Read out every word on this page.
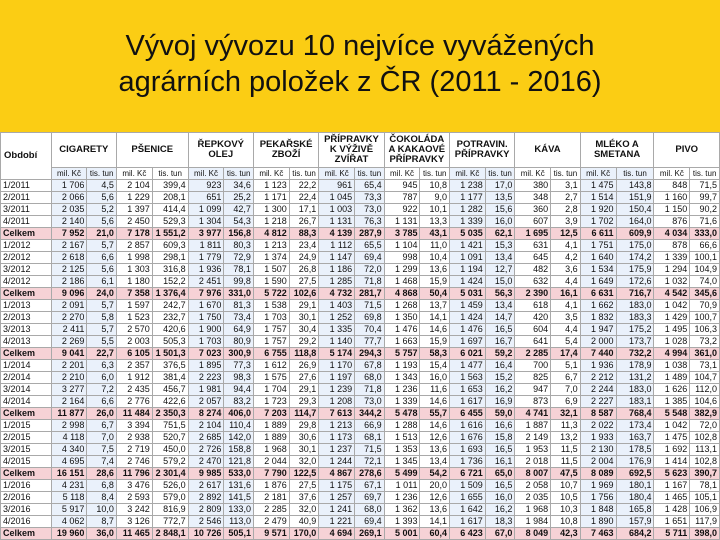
Vývoj vývozu 10 nejvíce vyvážených
agrárních položek z ČR (2011 - 2016)
Období	CIGARETY		PŠENICE		ŘEPKOVÝ OLEJ		PEKAŘSKÉ ZBOŽÍ		PŘÍPRAVKY K VÝŽIVĚ ZVÍŘAT		ČOKOLÁDA A KAKAOVÉ PŘÍPRAVKY		POTRAVIN. PŘÍPRAVKY		KÁVA		MLÉKO A SMETANA		PIVO	
	mil. Kč	tis. tun	mil. Kč	tis. tun	mil. Kč	tis. tun	mil. Kč	tis. tun	mil. Kč	tis. tun	mil. Kč	tis. tun	mil. Kč	tis. tun	mil. Kč	tis. tun	mil. Kč	tis. tun	mil. Kč	tis. tun
1/2011	1 706	4,5	2 104	399,4	923	34,6	1 123	22,2	961	65,4	945	10,8	1 238	17,0	380	3,1	1 475	143,8	848	71,5
2/2011	2 066	5,6	1 229	208,1	651	25,2	1 171	22,4	1 045	73,3	787	9,0	1 177	13,5	348	2,7	1 514	151,9	1 160	99,7
3/2011	2 035	5,2	1 397	414,4	1 099	42,7	1 300	17,1	1 003	73,0	922	10,1	1 282	15,6	360	2,8	1 920	150,4	1 150	90,2
4/2011	2 140	5,6	2 450	529,3	1 304	54,3	1 218	26,7	1 131	76,3	1 131	13,3	1 339	16,0	607	3,9	1 702	164,0	876	71,6
Celkem	7 952	21,0	7 178	1 551,2	3 977	156,8	4 812	88,3	4 139	287,9	3 785	43,1	5 035	62,1	1 695	12,5	6 611	609,9	4 034	333,0
1/2012	2 167	5,7	2 857	609,3	1 811	80,3	1 213	23,4	1 112	65,5	1 104	11,0	1 421	15,3	631	4,1	1 751	175,0	878	66,6
2/2012	2 618	6,6	1 998	298,1	1 779	72,9	1 374	24,9	1 147	69,4	998	10,4	1 091	13,4	645	4,2	1 640	174,2	1 339	100,1
3/2012	2 125	5,6	1 303	316,8	1 936	78,1	1 507	26,8	1 186	72,0	1 299	13,6	1 194	12,7	482	3,6	1 534	175,9	1 294	104,9
4/2012	2 186	6,1	1 180	152,2	2 451	99,8	1 590	27,5	1 285	71,8	1 468	15,9	1 424	15,0	632	4,4	1 649	172,6	1 032	74,0
Celkem	9 096	24,0	7 358	1 376,4	7 976	331,0	5 722	102,6	4 732	281,7	4 868	50,4	5 031	56,3	2 390	16,1	6 631	716,7	4 542	345,6
1/2013	2 091	5,7	1 597	242,7	1 670	81,3	1 538	29,1	1 403	71,5	1 268	13,7	1 459	13,4	618	4,1	1 662	183,0	1 042	70,9
2/2013	2 270	5,8	1 523	232,7	1 750	73,4	1 703	30,1	1 252	69,8	1 350	14,1	1 424	14,7	420	3,5	1 832	183,3	1 429	100,7
3/2013	2 411	5,7	2 570	420,6	1 900	64,9	1 757	30,4	1 335	70,4	1 476	14,6	1 476	16,5	604	4,4	1 947	175,2	1 495	106,3
4/2013	2 269	5,5	2 003	505,3	1 703	80,9	1 757	29,2	1 140	77,7	1 663	15,9	1 697	16,7	641	5,4	2 000	173,7	1 028	73,2
Celkem	9 041	22,7	6 105	1 501,3	7 023	300,9	6 755	118,8	5 174	294,3	5 757	58,3	6 021	59,2	2 285	17,4	7 440	732,2	4 994	361,0
1/2014	2 201	6,3	2 357	376,5	1 895	77,3	1 612	26,9	1 170	67,8	1 193	15,4	1 477	16,4	700	5,1	1 936	178,9	1 038	73,1
2/2014	2 210	6,0	1 912	381,4	2 223	98,3	1 575	27,6	1 197	68,0	1 343	16,0	1 563	15,2	825	6,7	2 212	131,2	1 489	104,7
3/2014	3 277	7,2	2 435	456,7	1 981	94,4	1 704	29,1	1 239	71,8	1 236	11,6	1 653	16,2	947	7,0	2 244	183,0	1 626	112,0
4/2014	2 164	6,6	2 776	422,6	2 057	83,2	1 723	29,3	1 208	73,0	1 339	14,6	1 617	16,9	873	6,9	2 227	183,1	1 385	104,6
Celkem	11 877	26,0	11 484	2 350,3	8 274	406,0	7 203	114,7	7 613	344,2	5 478	55,7	6 455	59,0	4 741	32,1	8 587	768,4	5 548	382,9
1/2015	2 998	6,7	3 394	751,5	2 104	110,4	1 889	29,8	1 213	66,9	1 288	14,6	1 616	16,6	1 887	11,3	2 022	173,4	1 042	72,0
2/2015	4 118	7,0	2 938	520,7	2 685	142,0	1 889	30,6	1 173	68,1	1 513	12,6	1 676	15,8	2 149	13,2	1 933	163,7	1 475	102,8
3/2015	4 340	7,5	2 719	450,0	2 726	158,8	1 968	30,1	1 237	71,5	1 353	13,6	1 693	16,5	1 953	11,5	2 130	178,5	1 692	113,1
4/2015	4 695	7,4	2 746	579,2	2 470	121,8	2 044	32,0	1 244	72,1	1 345	13,4	1 736	16,1	2 018	11,5	2 004	176,9	1 414	102,8
Celkem	16 151	28,6	11 796	2 301,4	9 985	533,0	7 790	122,5	4 867	278,6	5 499	54,2	6 721	65,0	8 007	47,5	8 089	692,5	5 623	390,7
1/2016	4 231	6,8	3 476	526,0	2 617	131,6	1 876	27,5	1 175	67,1	1 011	20,0	1 509	16,5	2 058	10,7	1 969	180,1	1 167	78,1
2/2016	5 118	8,4	2 593	579,0	2 892	141,5	2 181	37,6	1 257	69,7	1 236	12,6	1 655	16,0	2 035	10,5	1 756	180,4	1 465	105,1
3/2016	5 917	10,0	3 242	816,9	2 809	133,0	2 285	32,0	1 241	68,0	1 362	13,6	1 642	16,2	1 968	10,3	1 848	165,8	1 428	106,9
4/2016	4 062	8,7	3 126	772,7	2 546	113,0	2 479	40,9	1 221	69,4	1 393	14,1	1 617	18,3	1 984	10,8	1 890	157,9	1 651	117,9
Celkem	19 960	36,0	11 465	2 848,1	10 726	505,1	9 571	170,0	4 694	269,1	5 001	60,4	6 423	67,0	8 049	42,3	7 463	684,2	5 711	398,0
